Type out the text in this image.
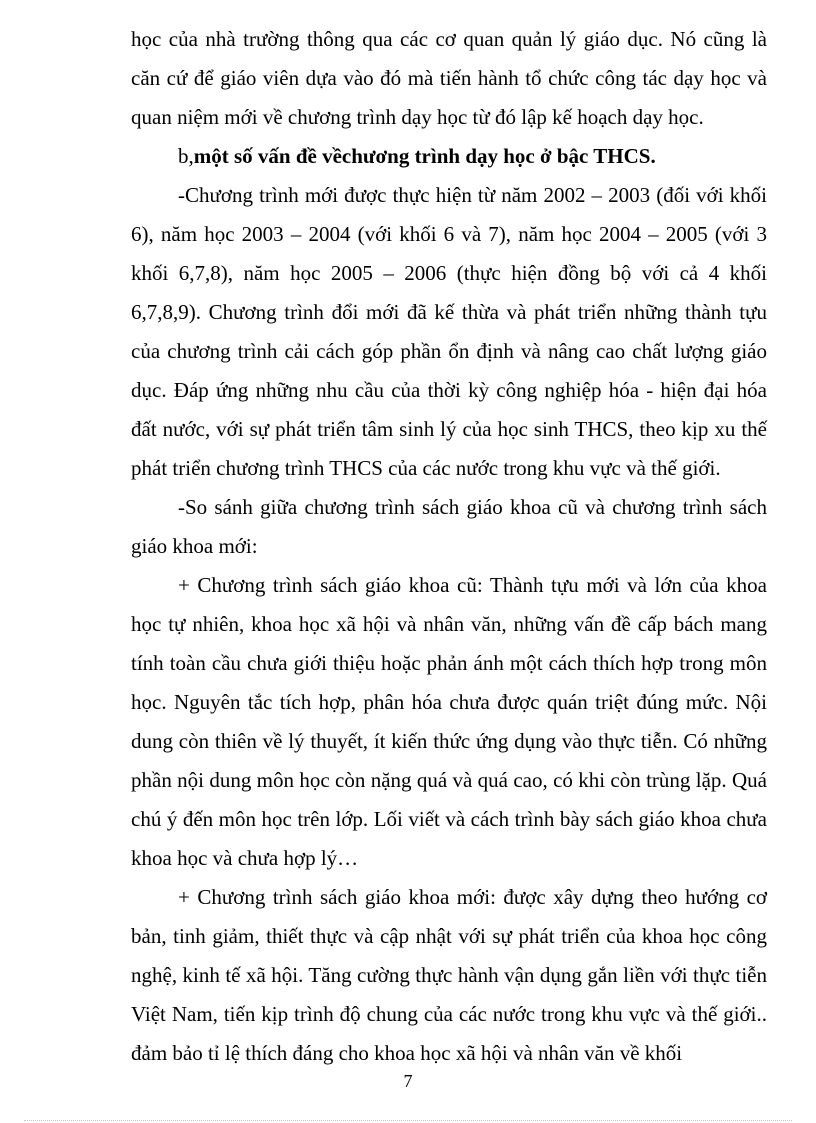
học của nhà trường thông qua các cơ quan quản lý giáo dục. Nó cũng là căn cứ để giáo viên dựa vào đó mà tiến hành tổ chức công tác dạy học và quan niệm mới về chương trình dạy học từ đó lập kế hoạch dạy học.

b,một số vấn đề vềchương trình dạy học ở bậc THCS.

-Chương trình mới được thực hiện từ năm 2002 – 2003 (đối với khối 6), năm học 2003 – 2004 (với khối 6 và 7), năm học 2004 – 2005 (với 3 khối 6,7,8), năm học 2005 – 2006 (thực hiện đồng bộ với cả 4 khối 6,7,8,9). Chương trình đổi mới đã kế thừa và phát triển những thành tựu của chương trình cải cách góp phần ổn định và nâng cao chất lượng giáo dục. Đáp ứng những nhu cầu của thời kỳ công nghiệp hóa - hiện đại hóa đất nước, với sự phát triển tâm sinh lý của học sinh THCS, theo kịp xu thế phát triển chương trình THCS của các nước trong khu vực và thế giới.

-So sánh giữa chương trình sách giáo khoa cũ và chương trình sách giáo khoa mới:

+ Chương trình sách giáo khoa cũ: Thành tựu mới và lớn của khoa học tự nhiên, khoa học xã hội và nhân văn, những vấn đề cấp bách mang tính toàn cầu chưa giới thiệu hoặc phản ánh một cách thích hợp trong môn học. Nguyên tắc tích hợp, phân hóa chưa được quán triệt đúng mức. Nội dung còn thiên về lý thuyết, ít kiến thức ứng dụng vào thực tiễn. Có những phần nội dung môn học còn nặng quá và quá cao, có khi còn trùng lặp. Quá chú ý đến môn học trên lớp. Lối viết và cách trình bày sách giáo khoa chưa khoa học và chưa hợp lý…

+ Chương trình sách giáo khoa mới: được xây dựng theo hướng cơ bản, tinh giảm, thiết thực và cập nhật với sự phát triển của khoa học công nghệ, kinh tế xã hội. Tăng cường thực hành vận dụng gắn liền với thực tiễn Việt Nam, tiến kịp trình độ chung của các nước trong khu vực và thế giới.. đảm bảo tỉ lệ thích đáng cho khoa học xã hội và nhân văn về khối

7
